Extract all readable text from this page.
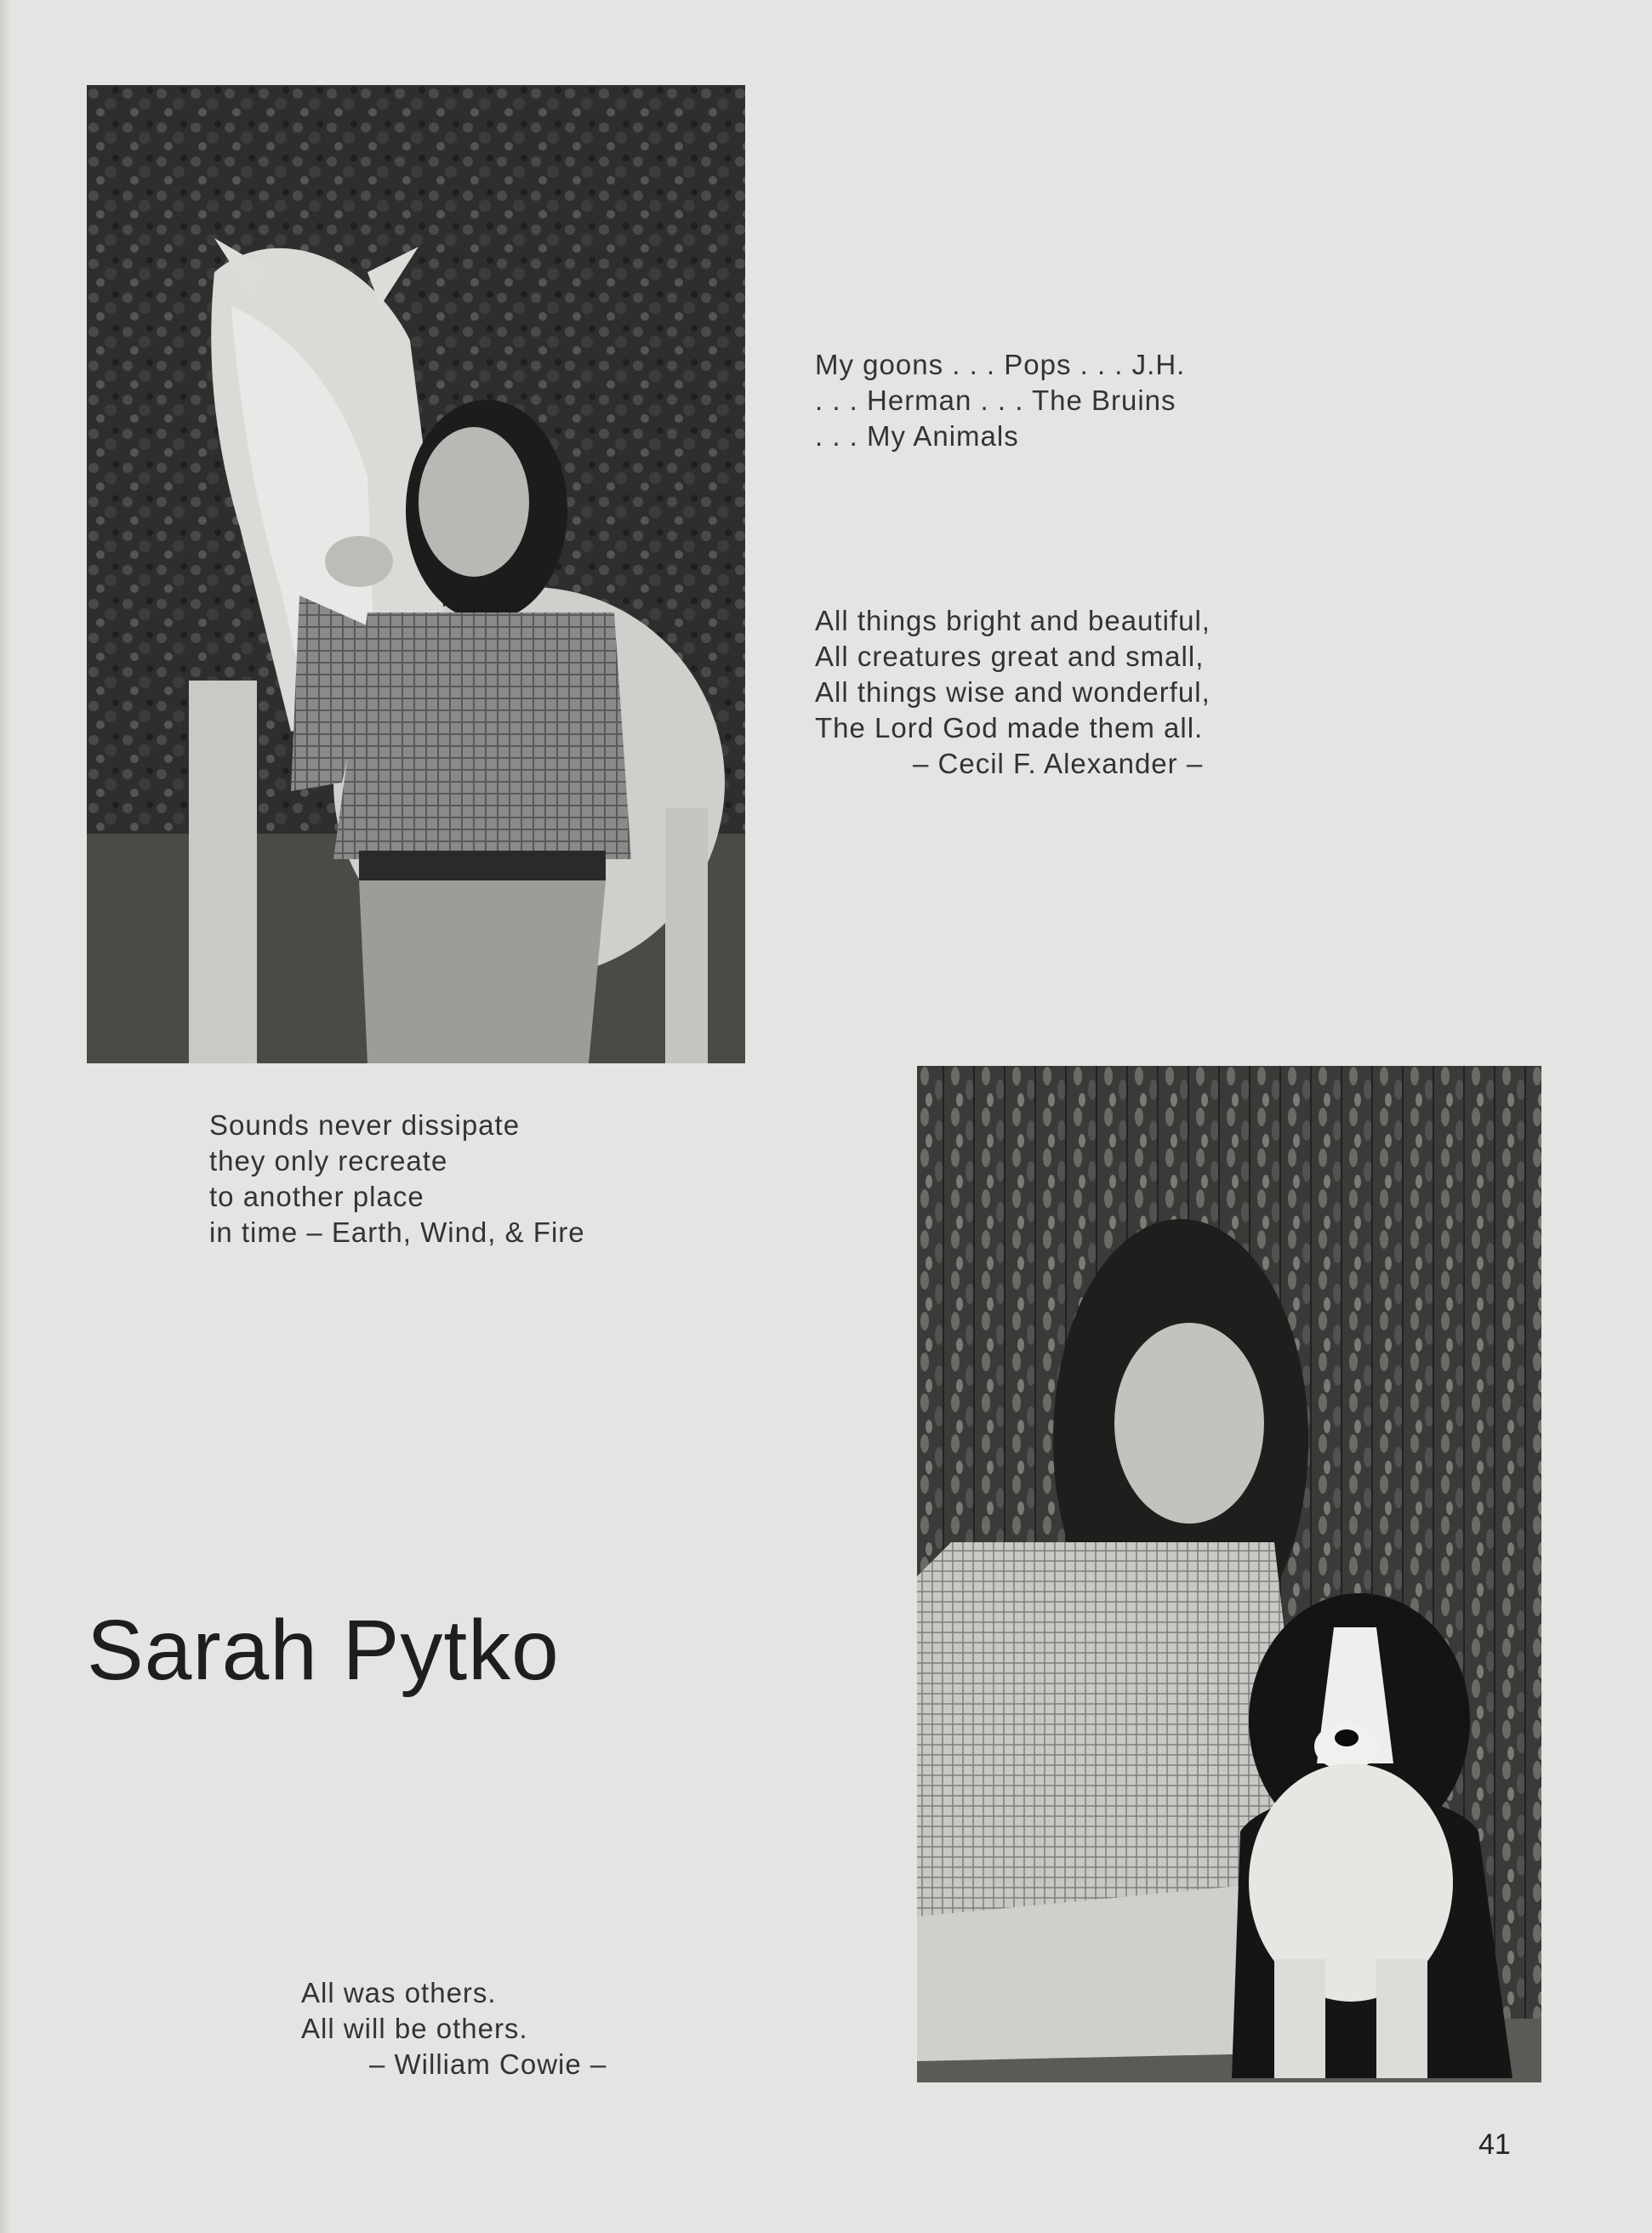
My goons . . . Pops . . . J.H.
. . . Herman . . . The Bruins
. . . My Animals
All things bright and beautiful,
All creatures great and small,
All things wise and wonderful,
The Lord God made them all.
– Cecil F. Alexander –
Sounds never dissipate
they only recreate
to another place
in time – Earth, Wind, & Fire
Sarah Pytko
All was others.
All will be others.
– William Cowie –
41
